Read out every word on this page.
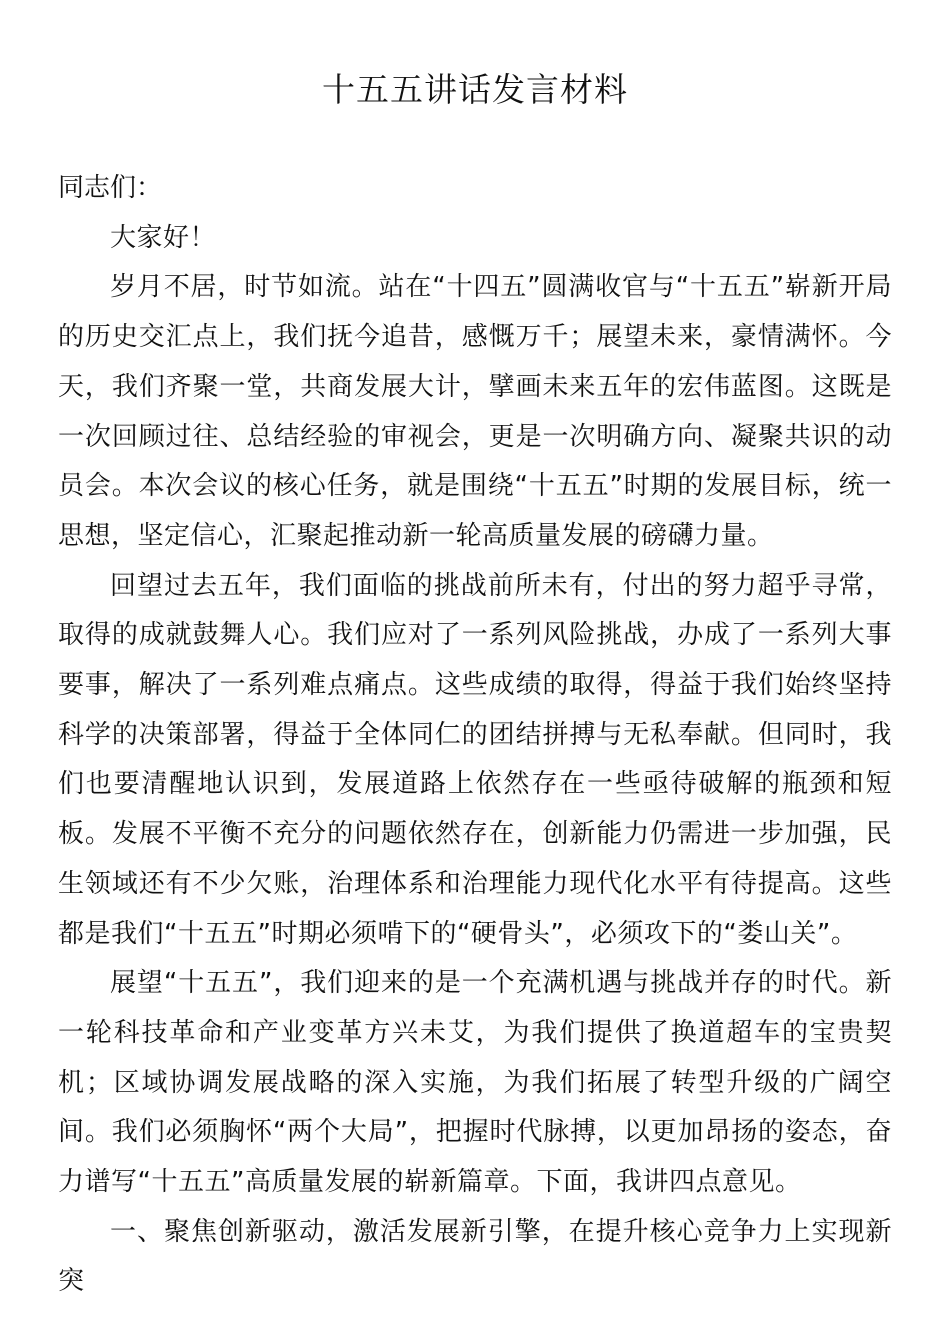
十五五讲话发言材料

同志们：

大家好！

岁月不居，时节如流。站在“十四五”圆满收官与“十五五”崭新开局的历史交汇点上，我们抚今追昔，感慨万千；展望未来，豪情满怀。今天，我们齐聚一堂，共商发展大计，擘画未来五年的宏伟蓝图。这既是一次回顾过往、总结经验的审视会，更是一次明确方向、凝聚共识的动员会。本次会议的核心任务，就是围绕“十五五”时期的发展目标，统一思想，坚定信心，汇聚起推动新一轮高质量发展的磅礴力量。

回望过去五年，我们面临的挑战前所未有，付出的努力超乎寻常，取得的成就鼓舞人心。我们应对了一系列风险挑战，办成了一系列大事要事，解决了一系列难点痛点。这些成绩的取得，得益于我们始终坚持科学的决策部署，得益于全体同仁的团结拼搏与无私奉献。但同时，我们也要清醒地认识到，发展道路上依然存在一些亟待破解的瓶颈和短板。发展不平衡不充分的问题依然存在，创新能力仍需进一步加强，民生领域还有不少欠账，治理体系和治理能力现代化水平有待提高。这些都是我们“十五五”时期必须啃下的“硬骨头”，必须攻下的“娄山关”。

展望“十五五”，我们迎来的是一个充满机遇与挑战并存的时代。新一轮科技革命和产业变革方兴未艾，为我们提供了换道超车的宝贵契机；区域协调发展战略的深入实施，为我们拓展了转型升级的广阔空间。我们必须胸怀“两个大局”，把握时代脉搏，以更加昂扬的姿态，奋力谱写“十五五”高质量发展的崭新篇章。下面，我讲四点意见。

一、聚焦创新驱动，激活发展新引擎，在提升核心竞争力上实现新突
